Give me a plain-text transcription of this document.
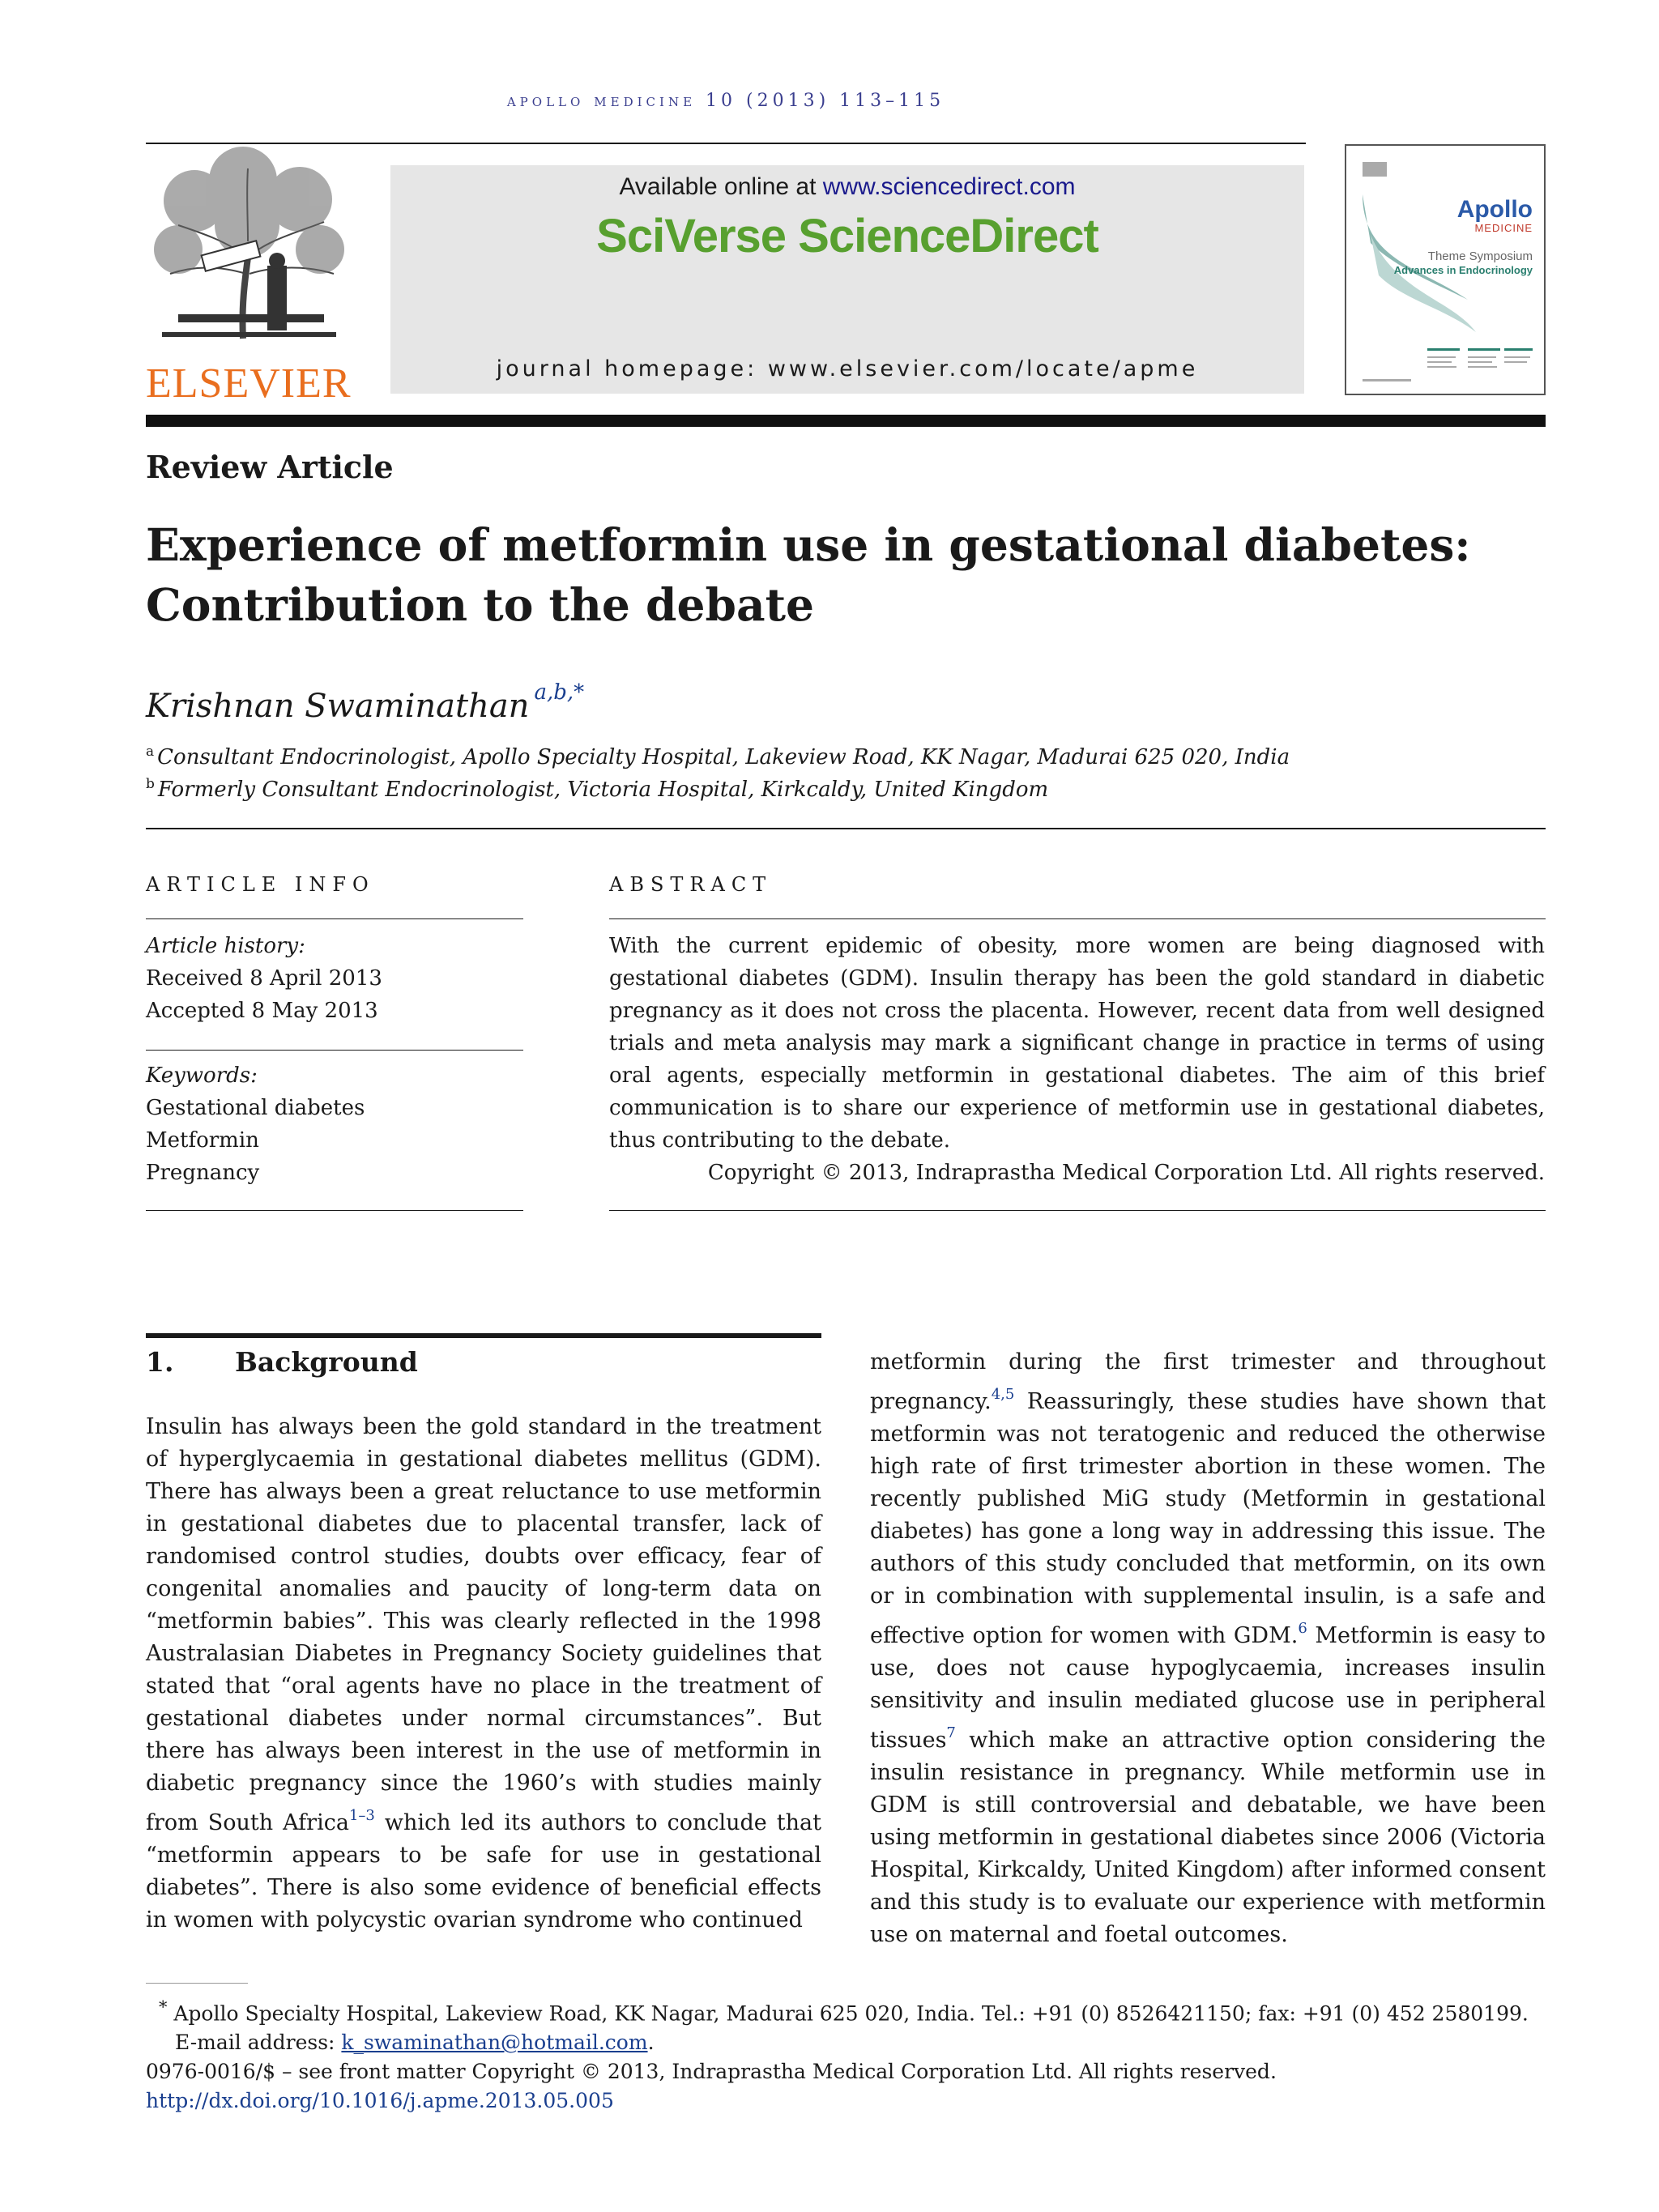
apollo medicine 10 (2013) 113–115
ELSEVIER
Available online at www.sciencedirect.com
SciVerse ScienceDirect
journal homepage: www.elsevier.com/locate/apme
Apollo
MEDICINE
Theme Symposium
Advances in Endocrinology
Review Article
Experience of metformin use in gestational diabetes:
Contribution to the debate
Krishnan Swaminathan $^{a,b,*}$
$^a$ Consultant Endocrinologist, Apollo Specialty Hospital, Lakeview Road, KK Nagar, Madurai 625 020, India
$^b$ Formerly Consultant Endocrinologist, Victoria Hospital, Kirkcaldy, United Kingdom
ARTICLE INFO
Article history:
Received 8 April 2013
Accepted 8 May 2013
Keywords:
Gestational diabetes
Metformin
Pregnancy
ABSTRACT
With the current epidemic of obesity, more women are being diagnosed with gestational diabetes (GDM). Insulin therapy has been the gold standard in diabetic pregnancy as it does not cross the placenta. However, recent data from well designed trials and meta analysis may mark a significant change in practice in terms of using oral agents, especially metformin in gestational diabetes. The aim of this brief communication is to share our experience of metformin use in gestational diabetes, thus contributing to the debate.
Copyright © 2013, Indraprastha Medical Corporation Ltd. All rights reserved.
1. Background
Insulin has always been the gold standard in the treatment of hyperglycaemia in gestational diabetes mellitus (GDM). There has always been a great reluctance to use metformin in gestational diabetes due to placental transfer, lack of randomised control studies, doubts over efficacy, fear of congenital anomalies and paucity of long-term data on “metformin babies”. This was clearly reflected in the 1998 Australasian Diabetes in Pregnancy Society guidelines that stated that “oral agents have no place in the treatment of gestational diabetes under normal circumstances”. But there has always been interest in the use of metformin in diabetic pregnancy since the 1960’s with studies mainly from South Africa$^{1-3}$ which led its authors to conclude that “metformin appears to be safe for use in gestational diabetes”. There is also some evidence of beneficial effects in women with polycystic ovarian syndrome who continued
metformin during the first trimester and throughout pregnancy.$^{4,5}$ Reassuringly, these studies have shown that metformin was not teratogenic and reduced the otherwise high rate of first trimester abortion in these women. The recently published MiG study (Metformin in gestational diabetes) has gone a long way in addressing this issue. The authors of this study concluded that metformin, on its own or in combination with supplemental insulin, is a safe and effective option for women with GDM.$^6$ Metformin is easy to use, does not cause hypoglycaemia, increases insulin sensitivity and insulin mediated glucose use in peripheral tissues$^7$ which make an attractive option considering the insulin resistance in pregnancy. While metformin use in GDM is still controversial and debatable, we have been using metformin in gestational diabetes since 2006 (Victoria Hospital, Kirkcaldy, United Kingdom) after informed consent and this study is to evaluate our experience with metformin use on maternal and foetal outcomes.
* Apollo Specialty Hospital, Lakeview Road, KK Nagar, Madurai 625 020, India. Tel.: +91 (0) 8526421150; fax: +91 (0) 452 2580199.
E-mail address: k_swaminathan@hotmail.com.
0976-0016/$ – see front matter Copyright © 2013, Indraprastha Medical Corporation Ltd. All rights reserved.
http://dx.doi.org/10.1016/j.apme.2013.05.005
